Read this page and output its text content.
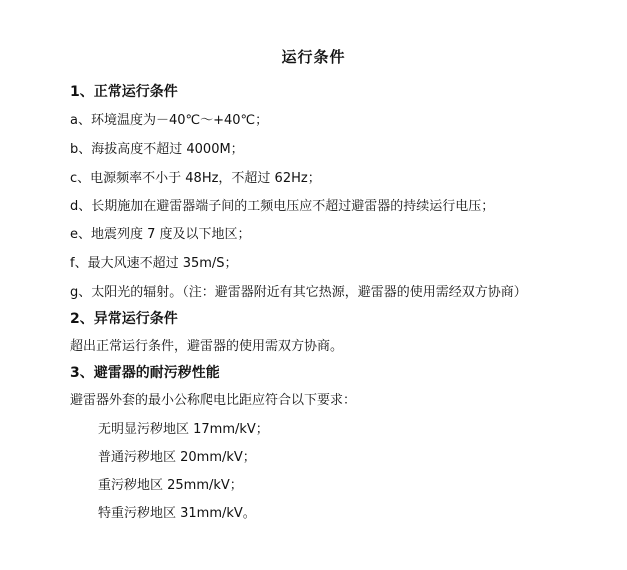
运行条件
1、正常运行条件
a、环境温度为－40℃～+40℃；
b、海拔高度不超过 4000M；
c、电源频率不小于 48Hz，不超过 62Hz；
d、长期施加在避雷器端子间的工频电压应不超过避雷器的持续运行电压；
e、地震列度 7 度及以下地区；
f、最大风速不超过 35m/S；
g、太阳光的辐射。（注：避雷器附近有其它热源，避雷器的使用需经双方协商）
2、异常运行条件
超出正常运行条件，避雷器的使用需双方协商。
3、避雷器的耐污秽性能
避雷器外套的最小公称爬电比距应符合以下要求：
无明显污秽地区 17mm/kV；
普通污秽地区 20mm/kV；
重污秽地区 25mm/kV；
特重污秽地区 31mm/kV。
